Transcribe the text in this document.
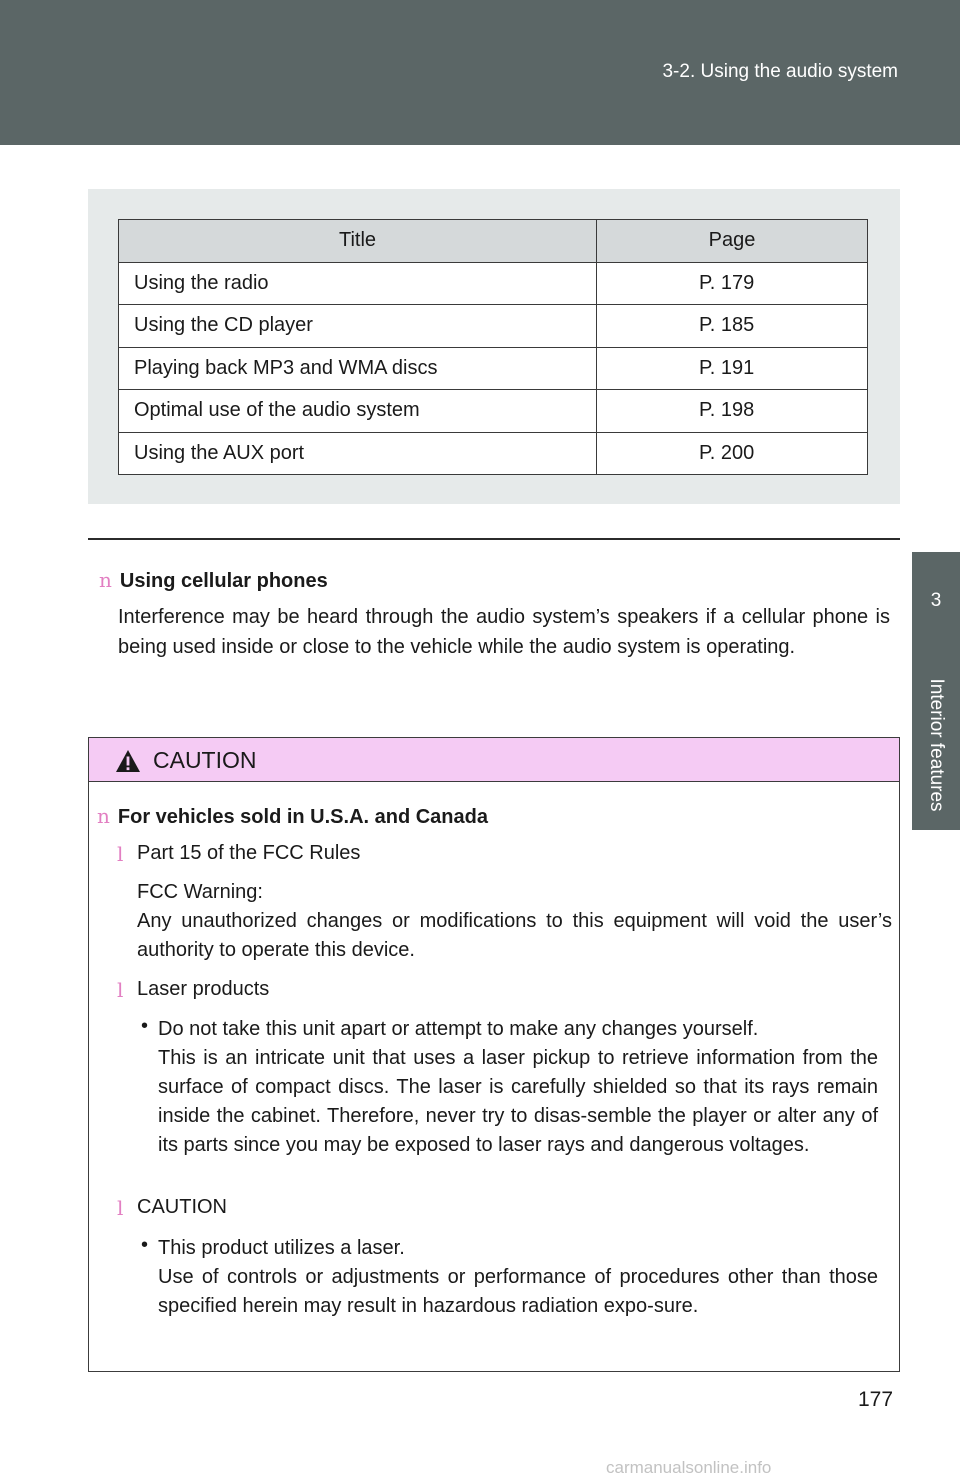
3-2. Using the audio system
3
Interior features
Title	Page
Using the radio	P. 179
Using the CD player	P. 185
Playing back MP3 and WMA discs	P. 191
Optimal use of the audio system	P. 198
Using the AUX port	P. 200
n Using cellular phones
Interference may be heard through the audio system’s speakers if a cellular phone is being used inside or close to the vehicle while the audio system is operating.
CAUTION
n For vehicles sold in U.S.A. and Canada
l Part 15 of the FCC Rules
FCC Warning:
Any unauthorized changes or modifications to this equipment will void the user’s authority to operate this device.
l Laser products
• Do not take this unit apart or attempt to make any changes yourself.
This is an intricate unit that uses a laser pickup to retrieve information from the surface of compact discs. The laser is carefully shielded so that its rays remain inside the cabinet. Therefore, never try to disas-semble the player or alter any of its parts since you may be exposed to laser rays and dangerous voltages.
l CAUTION
• This product utilizes a laser.
Use of controls or adjustments or performance of procedures other than those specified herein may result in hazardous radiation expo-sure.
177
carmanualsonline.info
